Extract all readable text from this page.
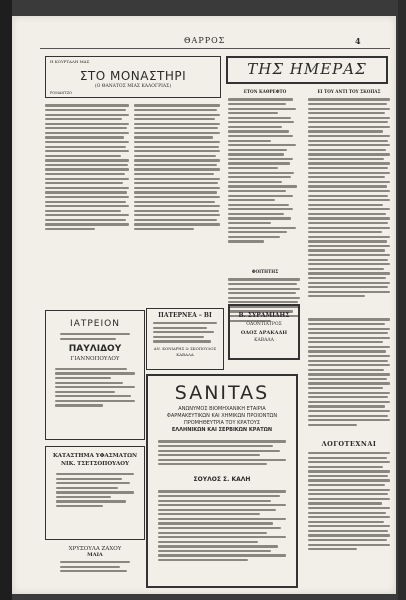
ΘΑΡΡΟΣ	4
Η ΚΟΥΡΤΑΛΗ ΜΑΣ
ΣΤΟ ΜΟΝΑΣΤΗΡΙ
(Ο ΘΑΝΑΤΟΣ ΜΙΑΣ ΚΑΛΟΓΡΙΑΣ)
ΡΟΜΑΝΤΖΟ
ΤΗΣ ΗΜΕΡΑΣ
ΕΤΟΝ ΚΑΘΡΕΦΤΟ
ΦΟΙΤΗΤΗΣ
ΕΙ ΤΟΥ ΑΝΤΙ ΤΟΥ ΣΚΟΠΑΣ
ΙΑΤΡΕΙΟΝ
ΠΑΥΛΙΔΟΥ
ΓΙΑΝΝΟΠΟΥΛΟΥ
ΚΑΤΑΣΤΗΜΑ ΥΦΑΣΜΑΤΩΝ
ΝΙΚ. ΤΣΕΤΣΟΠΟΥΛΟΥ
ΧΡΥΣΟΥΛΑ ΖΑΧΟΥ
ΜΑΙΑ
ΠΑΤΕΡΝΕΑ – ΒΙ
ΑΝ. ΚΟΝΙΑΡΗΣ & ΣΚΟΠΟΥΛΟΣ
ΚΑΒΑΛΑ
Β. ΣΥΡΑΜΙΔΗΣ
ΟΔΟΝΤΙΑΤΡΟΣ
ΟΔΟΣ ΔΡΑΚΑΔΗ
ΚΑΒΑΛΑ
SANITAS
ΑΝΩΝΥΜΟΣ ΒΙΟΜΗΧΑΝΙΚΗ ΕΤΑΙΡΙΑ
ΦΑΡΜΑΚΕΥΤΙΚΩΝ ΚΑΙ ΧΗΜΙΚΩΝ ΠΡΟΙΟΝΤΩΝ
ΠΡΟΜΗΘΕΥΤΡΙΑ ΤΟΥ ΚΡΑΤΟΥΣ
ΕΛΛΗΝΙΚΩΝ ΚΑΙ ΣΕΡΒΙΚΩΝ ΚΡΑΤΩΝ
ΣΟΥΛΟΣ Σ. ΚΑΛΗ
ΛΟΓΟΤΕΧΝΑΙ
